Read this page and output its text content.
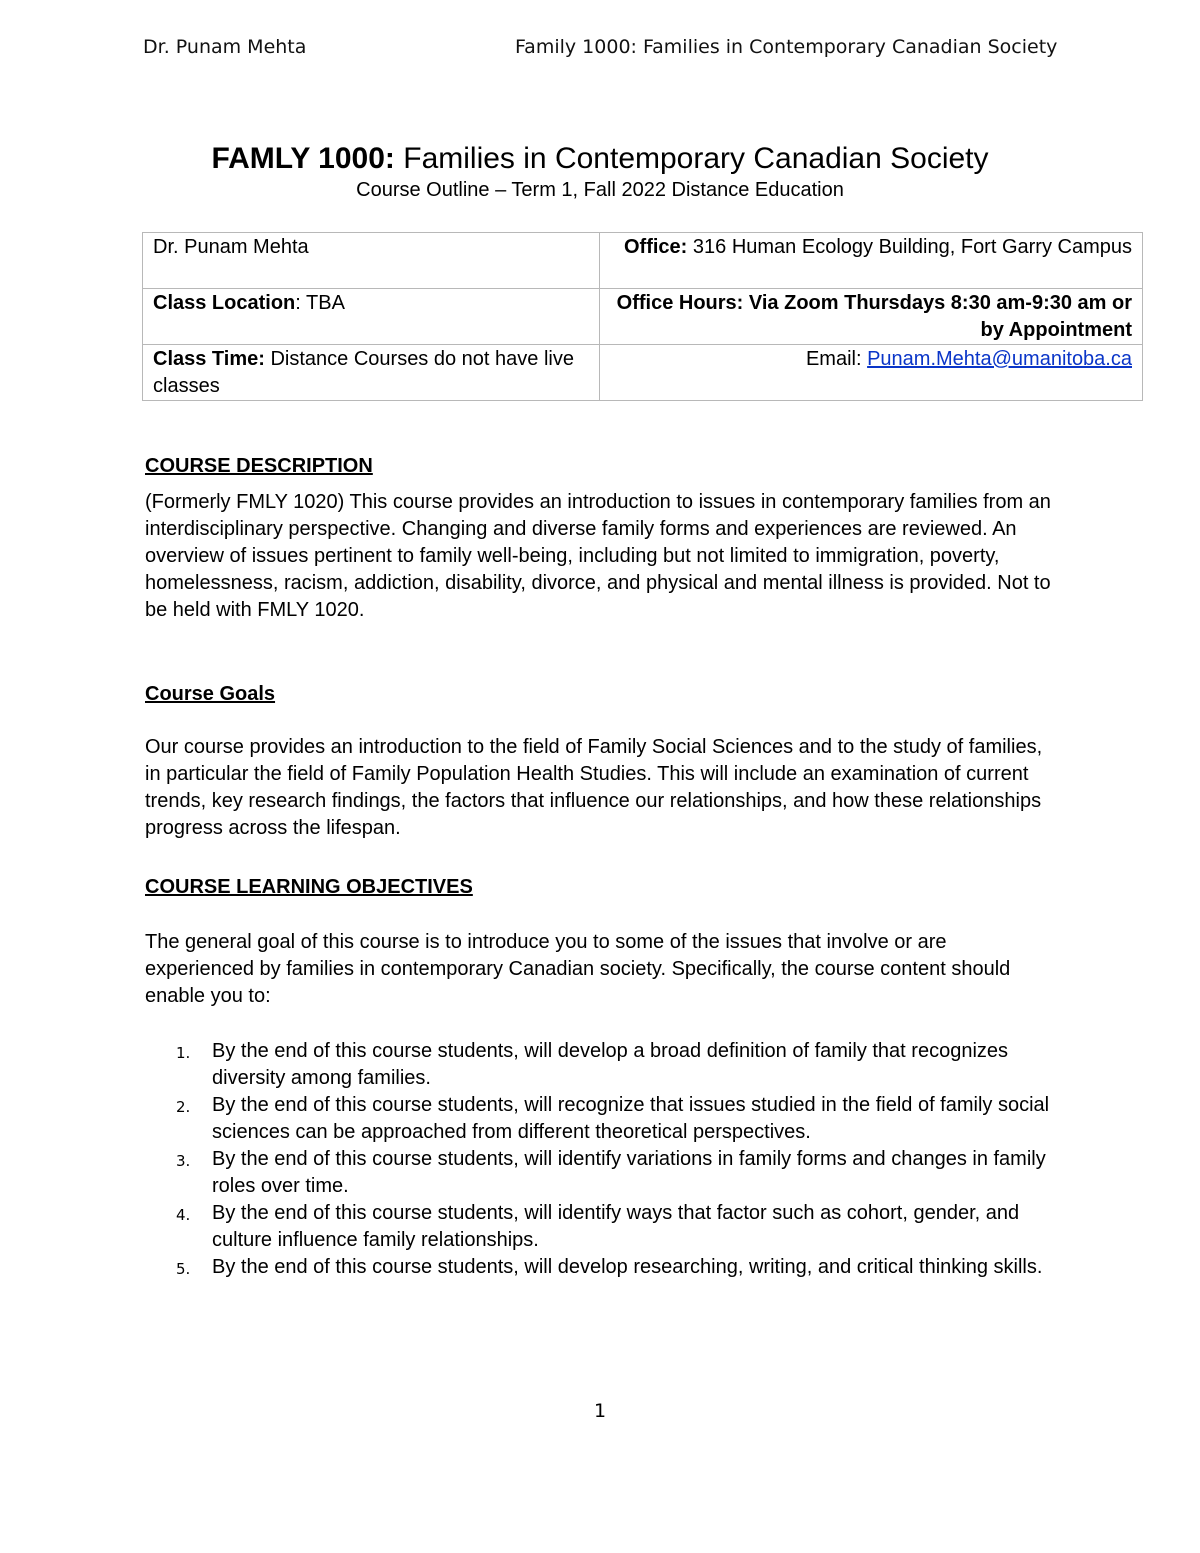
Dr. Punam Mehta	Family 1000: Families in Contemporary Canadian Society
FAMLY 1000: Families in Contemporary Canadian Society
Course Outline – Term 1, Fall 2022 Distance Education
Dr. Punam Mehta	Office: 316 Human Ecology Building, Fort Garry Campus
Class Location: TBA	Office Hours: Via Zoom Thursdays 8:30 am-9:30 am or by Appointment
Class Time: Distance Courses do not have live classes	Email: Punam.Mehta@umanitoba.ca
COURSE DESCRIPTION

(Formerly FMLY 1020) This course provides an introduction to issues in contemporary families from an interdisciplinary perspective. Changing and diverse family forms and experiences are reviewed. An overview of issues pertinent to family well-being, including but not limited to immigration, poverty, homelessness, racism, addiction, disability, divorce, and physical and mental illness is provided. Not to be held with FMLY 1020.

Course Goals

Our course provides an introduction to the field of Family Social Sciences and to the study of families, in particular the field of Family Population Health Studies. This will include an examination of current trends, key research findings, the factors that influence our relationships, and how these relationships progress across the lifespan.

COURSE LEARNING OBJECTIVES

The general goal of this course is to introduce you to some of the issues that involve or are experienced by families in contemporary Canadian society. Specifically, the course content should enable you to:

1. By the end of this course students, will develop a broad definition of family that recognizes diversity among families.
2. By the end of this course students, will recognize that issues studied in the field of family social sciences can be approached from different theoretical perspectives.
3. By the end of this course students, will identify variations in family forms and changes in family roles over time.
4. By the end of this course students, will identify ways that factor such as cohort, gender, and culture influence family relationships.
5. By the end of this course students, will develop researching, writing, and critical thinking skills.
1
